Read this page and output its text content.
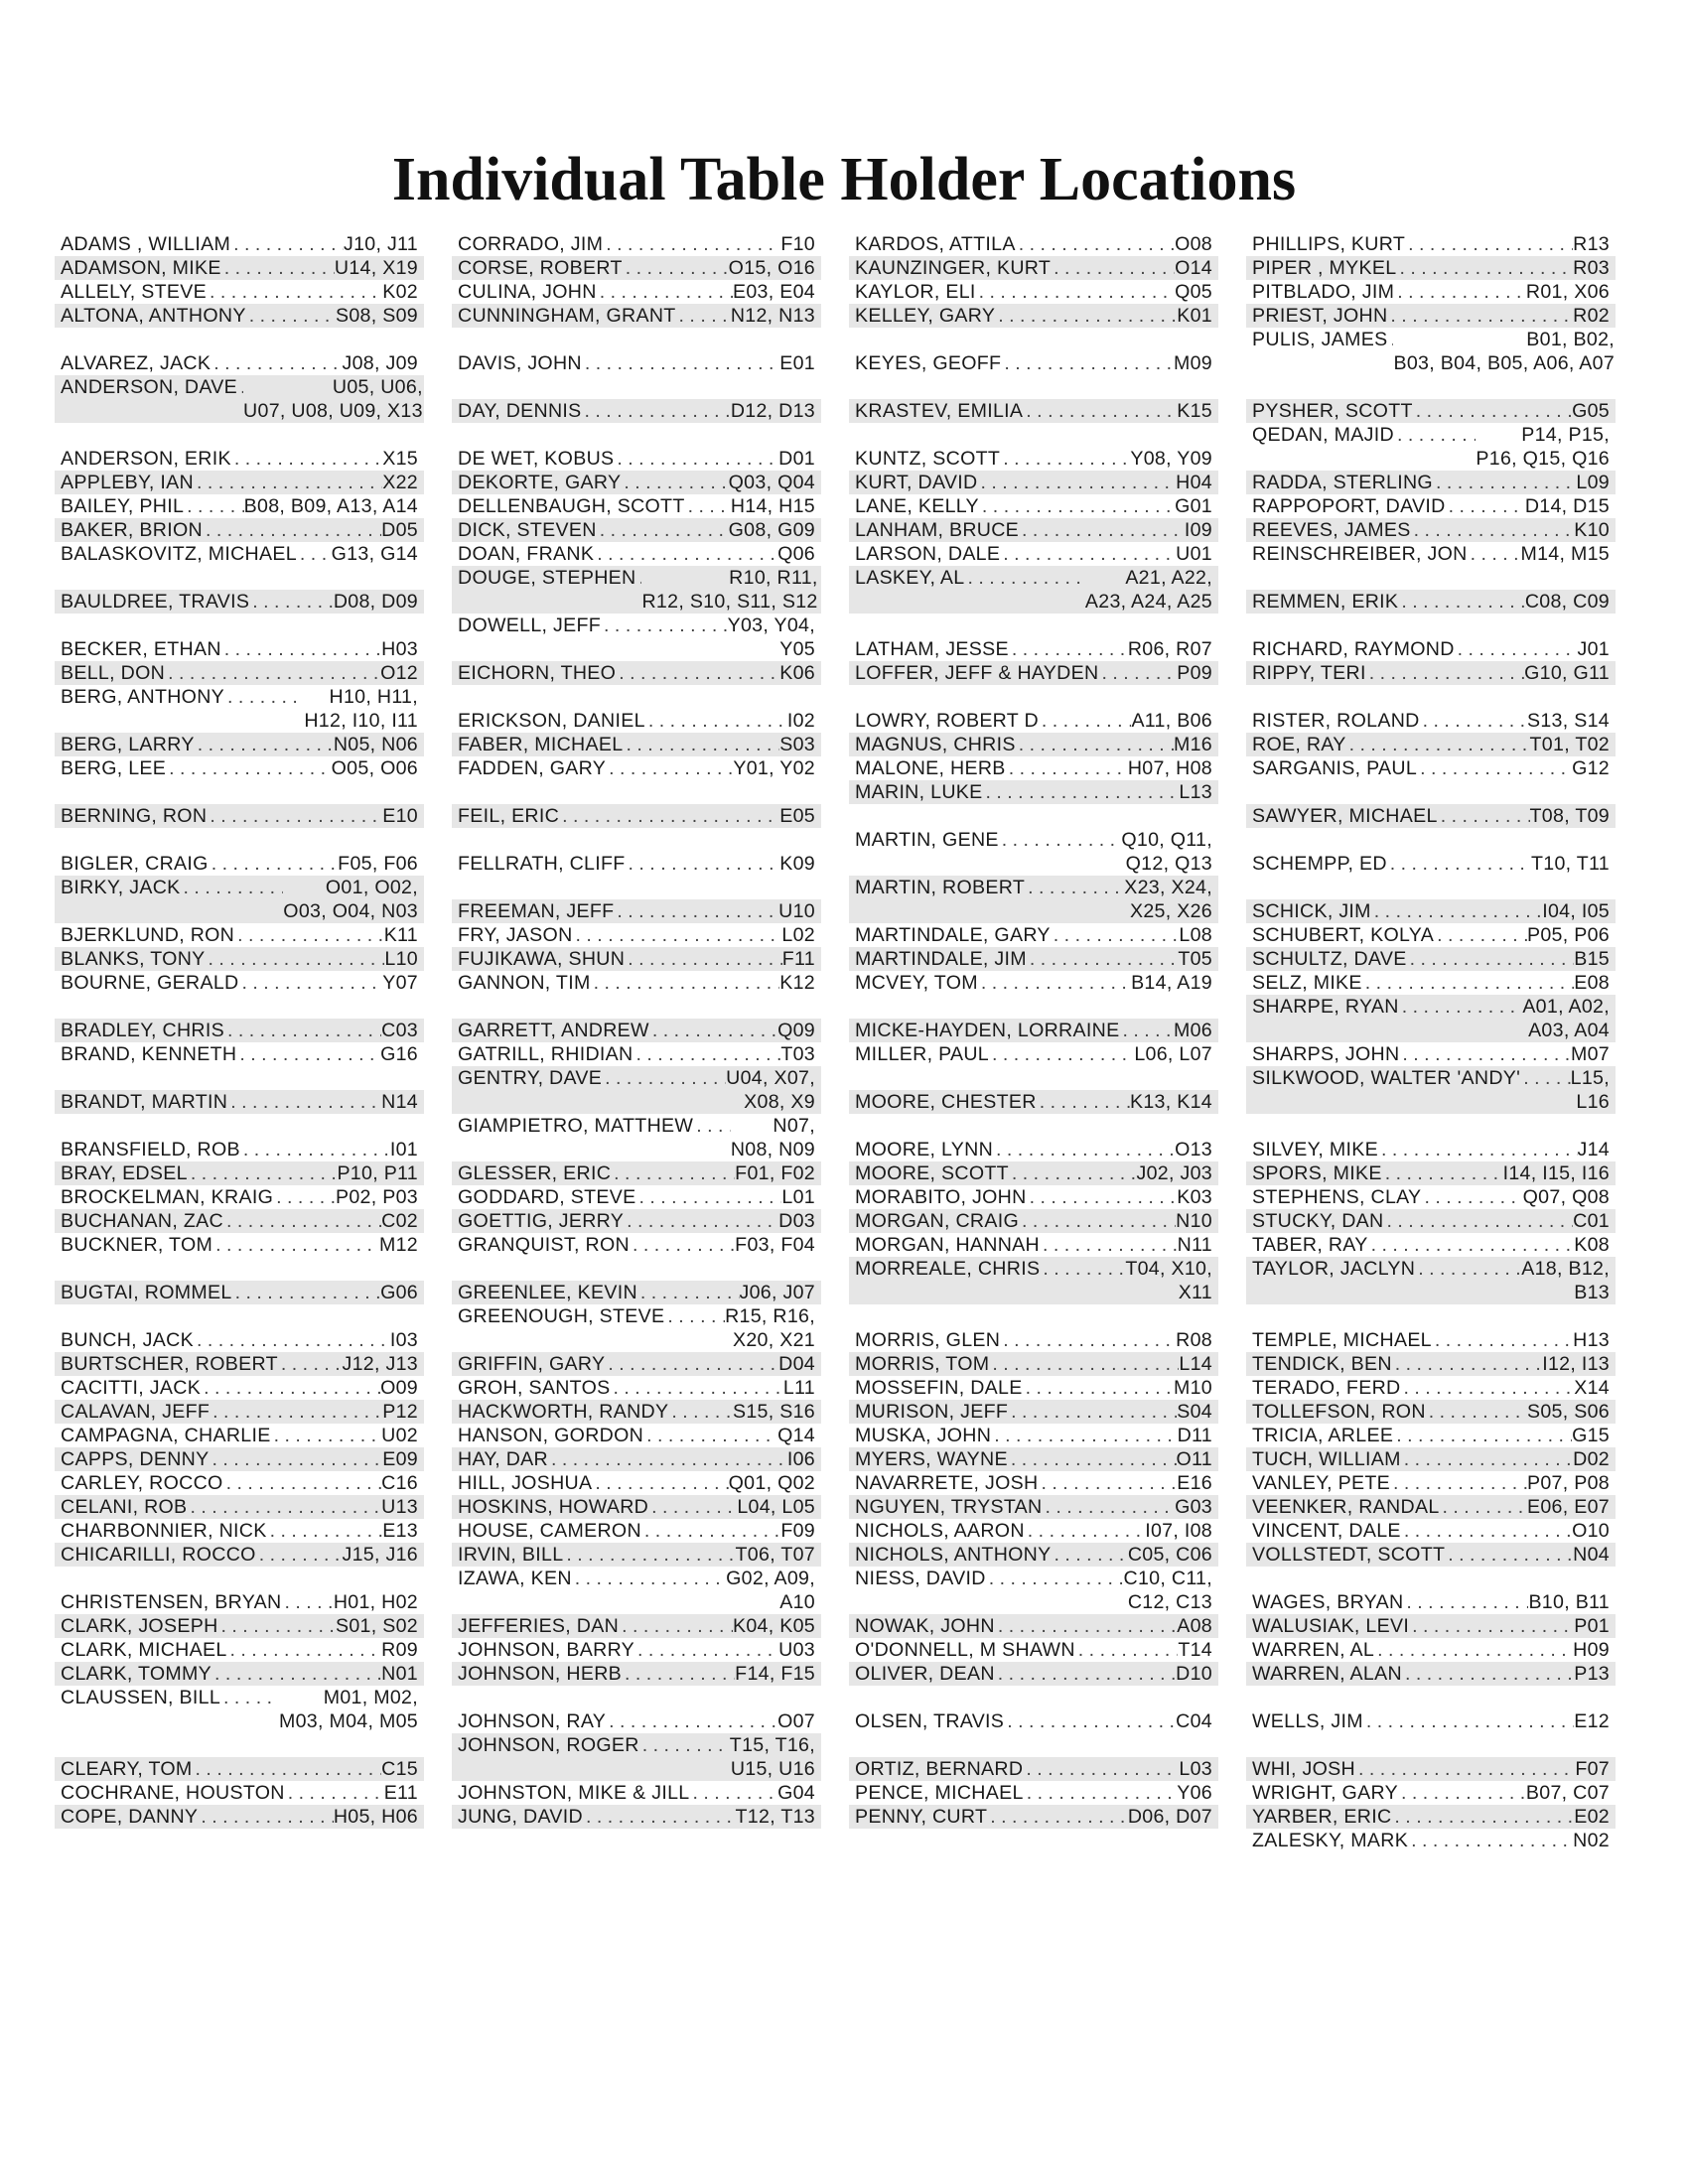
Individual Table Holder Locations
ADAMS , WILLIAM . . .	J10, J11
ADAMSON, MIKE . . .	U14, X19
ALLELY, STEVE . . .	K02
ALTONA, ANTHONY . . .	S08, S09
ALVAREZ, JACK . . .	J08, J09
ANDERSON, DAVE . . .	U05, U06,
U07, U08, U09, X13
ANDERSON, ERIK . . .	X15
APPLEBY, IAN . . .	X22
BAILEY, PHIL . . .	B08, B09, A13, A14
BAKER, BRION . . .	D05
BALASKOVITZ, MICHAEL . . . G13, G14
BAULDREE, TRAVIS . . .	D08, D09
BECKER, ETHAN . . .	H03
BELL, DON . . .	O12
BERG, ANTHONY . . .	H10, H11,
H12, I10, I11
BERG, LARRY . . .	N05, N06
BERG, LEE . . .	O05, O06
BERNING, RON . . .	E10
BIGLER, CRAIG . . .	F05, F06
BIRKY, JACK . . .	O01, O02,
O03, O04, N03
BJERKLUND, RON . . .	K11
BLANKS, TONY . . .	L10
BOURNE, GERALD . . .	Y07
BRADLEY, CHRIS . . .	C03
BRAND, KENNETH . . .	G16
BRANDT, MARTIN . . .	N14
BRANSFIELD, ROB . . .	I01
BRAY, EDSEL . . .	P10, P11
BROCKELMAN, KRAIG . . .	P02, P03
BUCHANAN, ZAC . . .	C02
BUCKNER, TOM . . .	M12
BUGTAI, ROMMEL . . .	G06
BUNCH, JACK . . .	I03
BURTSCHER, ROBERT . . .	J12, J13
CACITTI, JACK . . .	O09
CALAVAN, JEFF . . .	P12
CAMPAGNA, CHARLIE . . .	U02
CAPPS, DENNY . . .	E09
CARLEY, ROCCO . . .	C16
CELANI, ROB . . .	U13
CHARBONNIER, NICK . . .	E13
CHICARILLI, ROCCO . . .	J15, J16
CHRISTENSEN, BRYAN . . .	H01, H02
CLARK, JOSEPH . . .	S01, S02
CLARK, MICHAEL . . .	R09
CLARK, TOMMY . . .	N01
CLAUSSEN, BILL . . .	M01, M02,
M03, M04, M05
CLEARY, TOM . . .	C15
COCHRANE, HOUSTON . . .	E11
COPE, DANNY . . .	H05, H06
CORRADO, JIM . . .	F10
CORSE, ROBERT . . .	O15, O16
CULINA, JOHN . . .	E03, E04
CUNNINGHAM, GRANT . . .	N12, N13
DAVIS, JOHN . . .	E01
DAY, DENNIS . . .	D12, D13
DE WET, KOBUS . . .	D01
DEKORTE, GARY . . .	Q03, Q04
DELLENBAUGH, SCOTT . . . H14, H15
DICK, STEVEN . . .	G08, G09
DOAN, FRANK . . .	Q06
DOUGE, STEPHEN . . .	R10, R11,
R12, S10, S11, S12
DOWELL, JEFF . . .	Y03, Y04,
Y05
EICHORN, THEO . . .	K06
ERICKSON, DANIEL . . .	I02
FABER, MICHAEL . . .	S03
FADDEN, GARY . . .	Y01, Y02
FEIL, ERIC . . .	E05
FELLRATH, CLIFF . . .	K09
FREEMAN, JEFF . . .	U10
FRY, JASON . . .	L02
FUJIKAWA, SHUN . . .	F11
GANNON, TIM . . .	K12
GARRETT, ANDREW . . .	Q09
GATRILL, RHIDIAN . . .	T03
GENTRY, DAVE . . .	U04, X07,
X08, X9
GIAMPIETRO, MATTHEW . . .	N07,
N08, N09
GLESSER, ERIC . . .	F01, F02
GODDARD, STEVE . . .	L01
GOETTIG, JERRY . . .	D03
GRANQUIST, RON . . .	F03, F04
GREENLEE, KEVIN . . .	J06, J07
GREENOUGH, STEVE . . .	R15, R16,
X20, X21
GRIFFIN, GARY . . .	D04
GROH, SANTOS . . .	L11
HACKWORTH, RANDY . . .	S15, S16
HANSON, GORDON . . .	Q14
HAY, DAR . . .	I06
HILL, JOSHUA . . .	Q01, Q02
HOSKINS, HOWARD . . .	L04, L05
HOUSE, CAMERON . . .	F09
IRVIN, BILL . . .	T06, T07
IZAWA, KEN . . .	G02, A09,
A10
JEFFERIES, DAN . . .	K04, K05
JOHNSON, BARRY . . .	U03
JOHNSON, HERB . . .	F14, F15
JOHNSON, RAY . . .	O07
JOHNSON, ROGER . . .	T15, T16,
U15, U16
JOHNSTON, MIKE & JILL . . .	G04
JUNG, DAVID . . .	T12, T13
KARDOS, ATTILA . . .	O08
KAUNZINGER, KURT . . .	O14
KAYLOR, ELI . . .	Q05
KELLEY, GARY . . .	K01
KEYES, GEOFF . . .	M09
KRASTEV, EMILIA . . .	K15
KUNTZ, SCOTT . . .	Y08, Y09
KURT, DAVID . . .	H04
LANE, KELLY . . .	G01
LANHAM, BRUCE . . .	I09
LARSON, DALE . . .	U01
LASKEY, AL . . .	A21, A22,
A23, A24, A25
LATHAM, JESSE . . .	R06, R07
LOFFER, JEFF & HAYDEN . . .	P09
LOWRY, ROBERT D . . .	A11, B06
MAGNUS, CHRIS . . .	M16
MALONE, HERB . . .	H07, H08
MARIN, LUKE . . .	L13
MARTIN, GENE . . .	Q10, Q11,
Q12, Q13
MARTIN, ROBERT . . .	X23, X24,
X25, X26
MARTINDALE, GARY . . .	L08
MARTINDALE, JIM . . .	T05
MCVEY, TOM . . .	B14, A19
MICKE-HAYDEN, LORRAINE . . .	M06
MILLER, PAUL . . .	L06, L07
MOORE, CHESTER . . .	K13, K14
MOORE, LYNN . . .	O13
MOORE, SCOTT . . .	J02, J03
MORABITO, JOHN . . .	K03
MORGAN, CRAIG . . .	N10
MORGAN, HANNAH . . .	N11
MORREALE, CHRIS . . .	T04, X10,
X11
MORRIS, GLEN . . .	R08
MORRIS, TOM . . .	L14
MOSSEFIN, DALE . . .	M10
MURISON, JEFF . . .	S04
MUSKA, JOHN . . .	D11
MYERS, WAYNE . . .	O11
NAVARRETE, JOSH . . .	E16
NGUYEN, TRYSTAN . . .	G03
NICHOLS, AARON . . .	I07, I08
NICHOLS, ANTHONY . . .	C05, C06
NIESS, DAVID . . .	C10, C11,
C12, C13
NOWAK, JOHN . . .	A08
O'DONNELL, M SHAWN . . .	T14
OLIVER, DEAN . . .	D10
OLSEN, TRAVIS . . .	C04
ORTIZ, BERNARD . . .	L03
PENCE, MICHAEL . . .	Y06
PENNY, CURT . . .	D06, D07
PHILLIPS, KURT . . .	R13
PIPER , MYKEL . . .	R03
PITBLADO, JIM . . .	R01, X06
PRIEST, JOHN . . .	R02
PULIS, JAMES . . .	B01, B02,
B03, B04, B05, A06, A07
PYSHER, SCOTT . . .	G05
QEDAN, MAJID . . .	P14, P15,
P16, Q15, Q16
RADDA, STERLING . . .	L09
RAPPOPORT, DAVID . . .	D14, D15
REEVES, JAMES . . .	K10
REINSCHREIBER, JON . . .	M14, M15
REMMEN, ERIK . . .	C08, C09
RICHARD, RAYMOND . . .	J01
RIPPY, TERI . . .	G10, G11
RISTER, ROLAND . . .	S13, S14
ROE, RAY . . .	T01, T02
SARGANIS, PAUL . . .	G12
SAWYER, MICHAEL . . .	T08, T09
SCHEMPP, ED . . .	T10, T11
SCHICK, JIM . . .	I04, I05
SCHUBERT, KOLYA . . .	P05, P06
SCHULTZ, DAVE . . .	B15
SELZ, MIKE . . .	E08
SHARPE, RYAN . . .	A01, A02,
A03, A04
SHARPS, JOHN . . .	M07
SILKWOOD, WALTER 'ANDY' . . .	L15,
L16
SILVEY, MIKE . . .	J14
SPORS, MIKE . . .	I14, I15, I16
STEPHENS, CLAY . . .	Q07, Q08
STUCKY, DAN . . .	C01
TABER, RAY . . .	K08
TAYLOR, JACLYN . . .	A18, B12,
B13
TEMPLE, MICHAEL . . .	H13
TENDICK, BEN . . .	I12, I13
TERADO, FERD . . .	X14
TOLLEFSON, RON . . .	S05, S06
TRICIA, ARLEE . . .	G15
TUCH, WILLIAM . . .	D02
VANLEY, PETE . . .	P07, P08
VEENKER, RANDAL . . .	E06, E07
VINCENT, DALE . . .	O10
VOLLSTEDT, SCOTT . . .	N04
WAGES, BRYAN . . .	B10, B11
WALUSIAK, LEVI . . .	P01
WARREN, AL . . .	H09
WARREN, ALAN . . .	P13
WELLS, JIM . . .	E12
WHI, JOSH . . .	F07
WRIGHT, GARY . . .	B07, C07
YARBER, ERIC . . .	E02
ZALESKY, MARK . . .	N02
